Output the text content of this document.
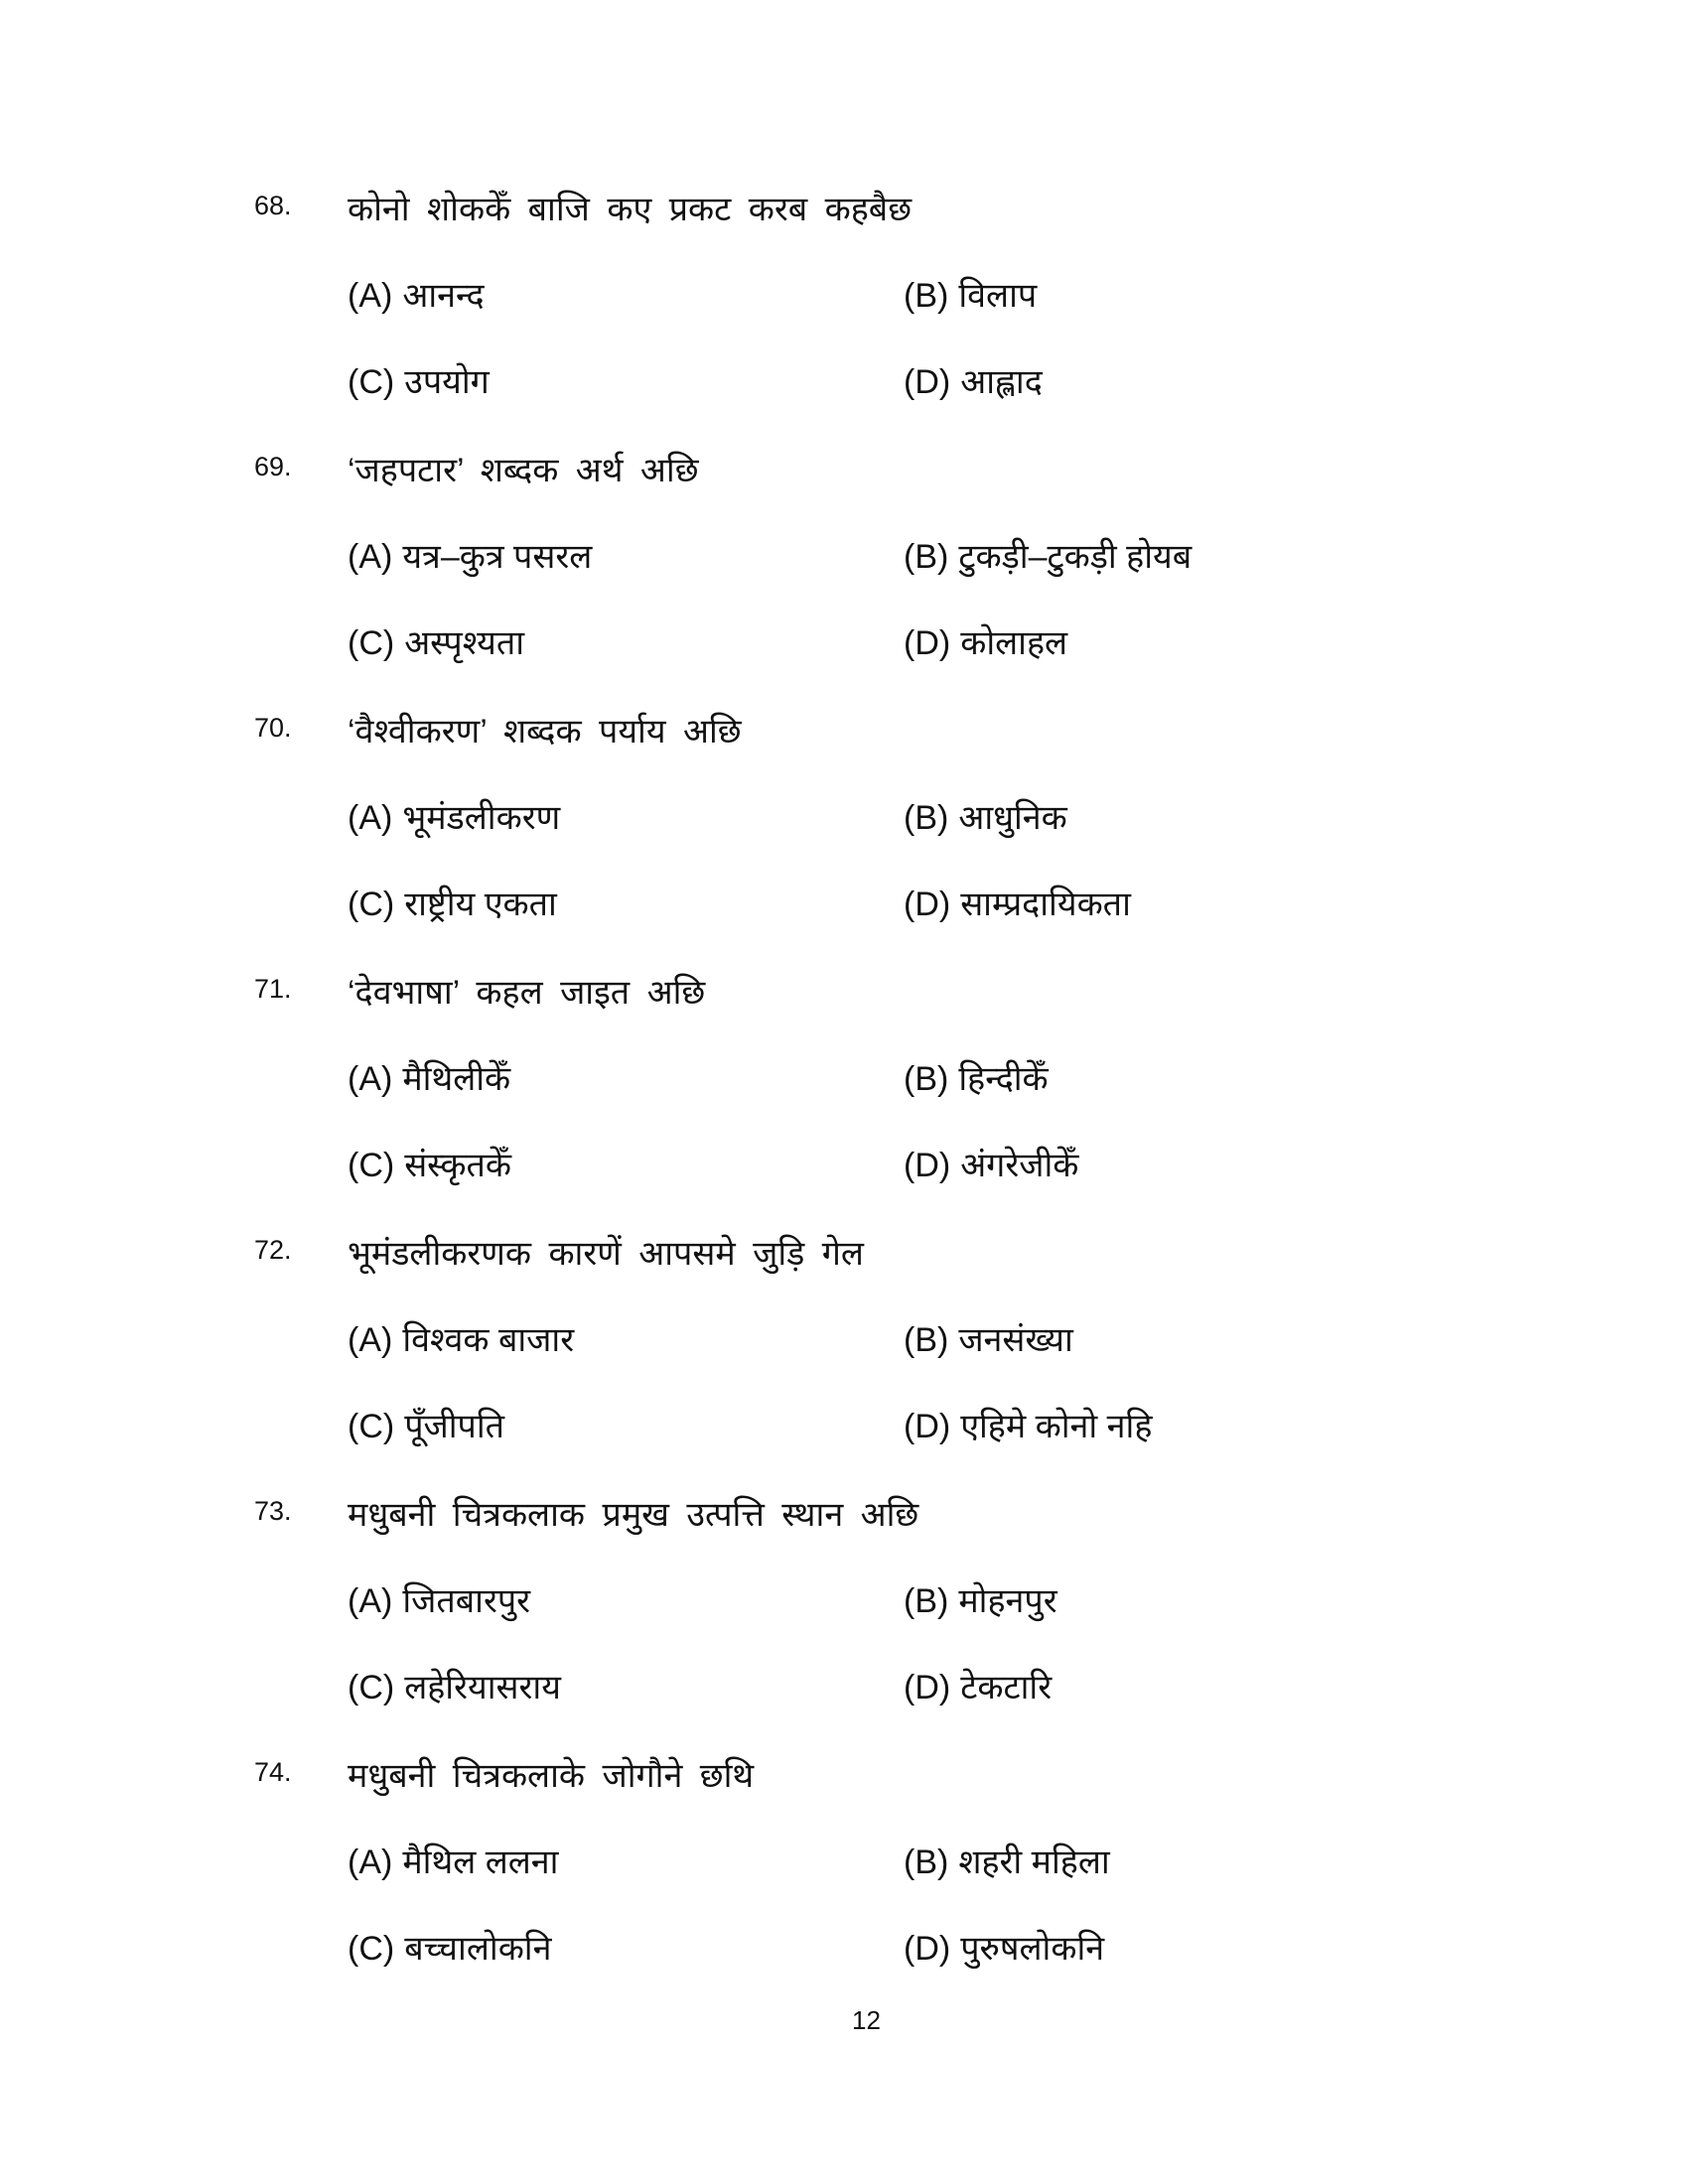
68. कोनो शोककेँ बाजि कए प्रकट करब कहबैछ
(A) आनन्द	(B) विलाप
(C) उपयोग	(D) आह्लाद
69. ‘जहपटार’ शब्दक अर्थ अछि
(A) यत्र–कुत्र पसरल	(B) टुकड़ी–टुकड़ी होयब
(C) अस्पृश्यता	(D) कोलाहल
70. ‘वैश्वीकरण’ शब्दक पर्याय अछि
(A) भूमंडलीकरण	(B) आधुनिक
(C) राष्ट्रीय एकता	(D) साम्प्रदायिकता
71. ‘देवभाषा’ कहल जाइत अछि
(A) मैथिलीकेँ	(B) हिन्दीकेँ
(C) संस्कृतकेँ	(D) अंगरेजीकेँ
72. भूमंडलीकरणक कारणें आपसमे जुड़ि गेल
(A) विश्वक बाजार	(B) जनसंख्या
(C) पूँजीपति	(D) एहिमे कोनो नहि
73. मधुबनी चित्रकलाक प्रमुख उत्पत्ति स्थान अछि
(A) जितबारपुर	(B) मोहनपुर
(C) लहेरियासराय	(D) टेकटारि
74. मधुबनी चित्रकलाके जोगौने छथि
(A) मैथिल ललना	(B) शहरी महिला
(C) बच्चालोकनि	(D) पुरुषलोकनि
12
